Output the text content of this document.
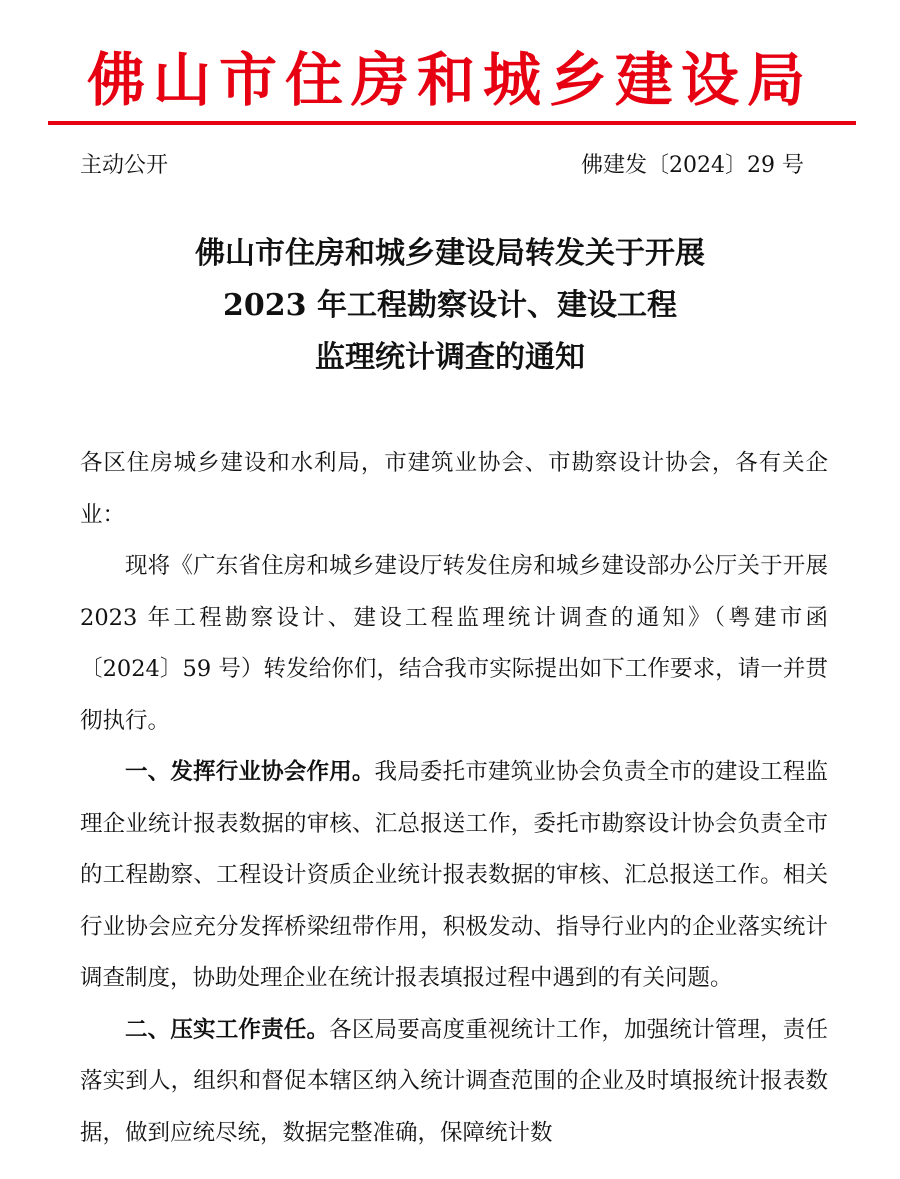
佛山市住房和城乡建设局
主动公开	佛建发〔2024〕29 号
佛山市住房和城乡建设局转发关于开展
2023 年工程勘察设计、建设工程
监理统计调查的通知

各区住房城乡建设和水利局，市建筑业协会、市勘察设计协会，各有关企业：

现将《广东省住房和城乡建设厅转发住房和城乡建设部办公厅关于开展 2023 年工程勘察设计、建设工程监理统计调查的通知》（粤建市函〔2024〕59 号）转发给你们，结合我市实际提出如下工作要求，请一并贯彻执行。

一、发挥行业协会作用。我局委托市建筑业协会负责全市的建设工程监理企业统计报表数据的审核、汇总报送工作，委托市勘察设计协会负责全市的工程勘察、工程设计资质企业统计报表数据的审核、汇总报送工作。相关行业协会应充分发挥桥梁纽带作用，积极发动、指导行业内的企业落实统计调查制度，协助处理企业在统计报表填报过程中遇到的有关问题。

二、压实工作责任。各区局要高度重视统计工作，加强统计管理，责任落实到人，组织和督促本辖区纳入统计调查范围的企业及时填报统计报表数据，做到应统尽统，数据完整准确，保障统计数
